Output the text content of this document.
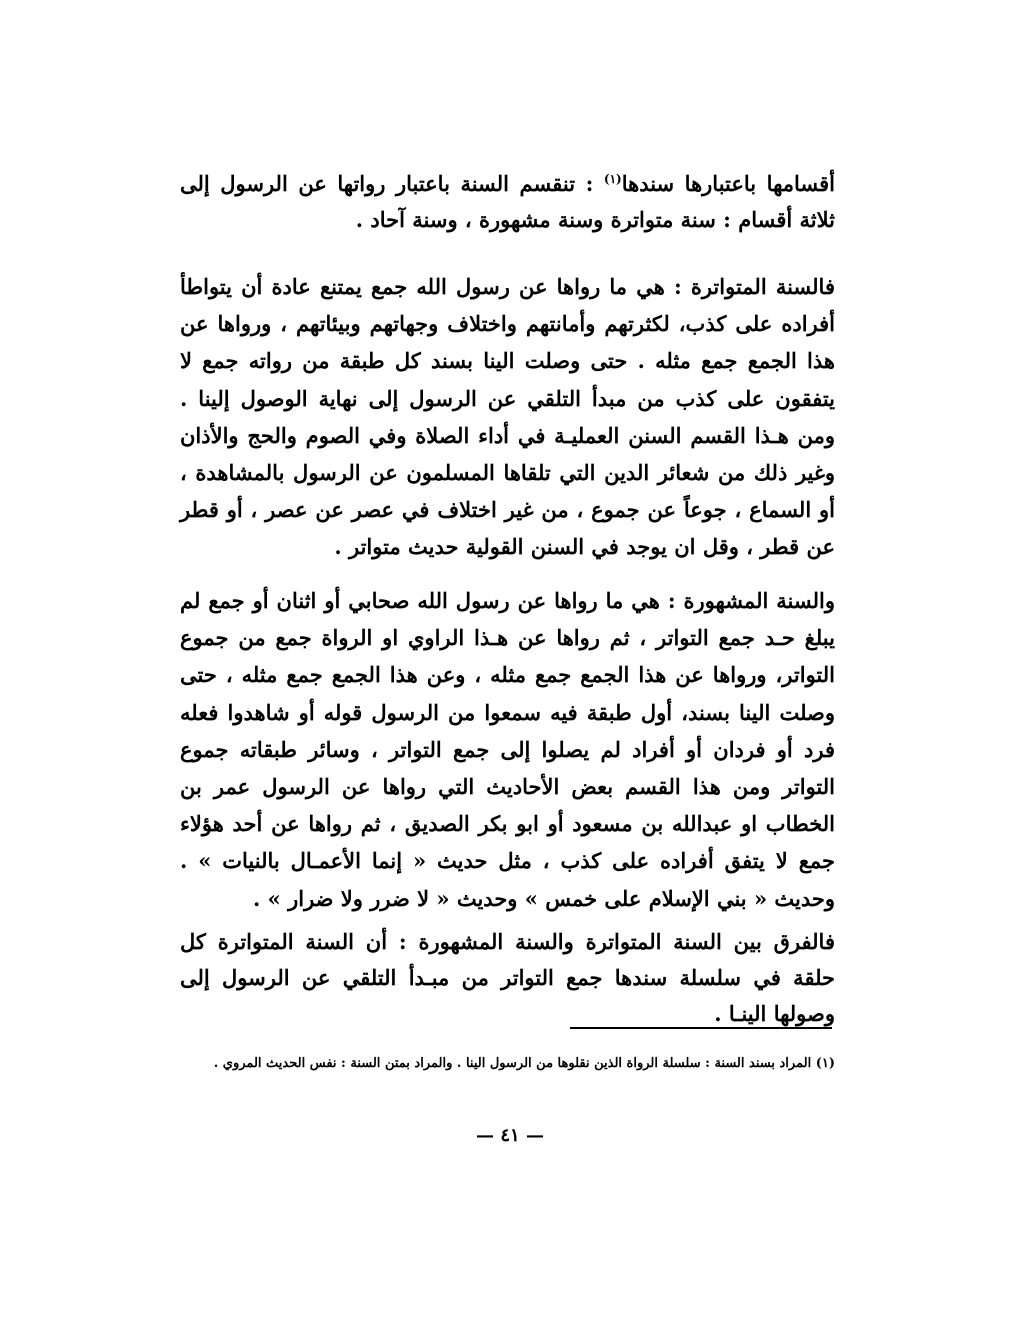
أقسامها باعتبارها سندها$^{(١)}$ : تنقسم السنة باعتبار رواتها عن الرسول إلى ثلاثة أقسام : سنة متواترة وسنة مشهورة ، وسنة آحاد .

فالسنة المتواترة : هي ما رواها عن رسول الله جمع يمتنع عادة أن يتواطأ أفراده على كذب، لكثرتهم وأمانتهم واختلاف وجهاتهم وبيئاتهم ، ورواها عن هذا الجمع جمع مثله . حتى وصلت الينا بسند كل طبقة من رواته جمع لا يتفقون على كذب من مبدأ التلقي عن الرسول إلى نهاية الوصول إلينا . ومن هـذا القسم السنن العمليـة في أداء الصلاة وفي الصوم والحج والأذان وغير ذلك من شعائر الدين التي تلقاها المسلمون عن الرسول بالمشاهدة ، أو السماع ، جوعاً عن جموع ، من غير اختلاف في عصر عن عصر ، أو قطر عن قطر ، وقل ان يوجد في السنن القولية حديث متواتر .

والسنة المشهورة : هي ما رواها عن رسول الله صحابي أو اثنان أو جمع لم يبلغ حـد جمع التواتر ، ثم رواها عن هـذا الراوي او الرواة جمع من جموع التواتر، ورواها عن هذا الجمع جمع مثله ، وعن هذا الجمع جمع مثله ، حتى وصلت الينا بسند، أول طبقة فيه سمعوا من الرسول قوله أو شاهدوا فعله فرد أو فردان أو أفراد لم يصلوا إلى جمع التواتر ، وسائر طبقاته جموع التواتر ومن هذا القسم بعض الأحاديث التي رواها عن الرسول عمر بن الخطاب او عبدالله بن مسعود أو ابو بكر الصديق ، ثم رواها عن أحد هؤلاء جمع لا يتفق أفراده على كذب ، مثل حديث « إنما الأعمـال بالنيات » . وحديث « بني الإسلام على خمس » وحديث « لا ضرر ولا ضرار » .

فالفرق بين السنة المتواترة والسنة المشهورة : أن السنة المتواترة كل حلقة في سلسلة سندها جمع التواتر من مبـدأ التلقي عن الرسول إلى وصولها الينـا .

(١) المراد بسند السنة : سلسلة الرواة الذين نقلوها من الرسول الينا . والمراد بمتن السنة : نفس الحديث المروي .

— ٤١ —
